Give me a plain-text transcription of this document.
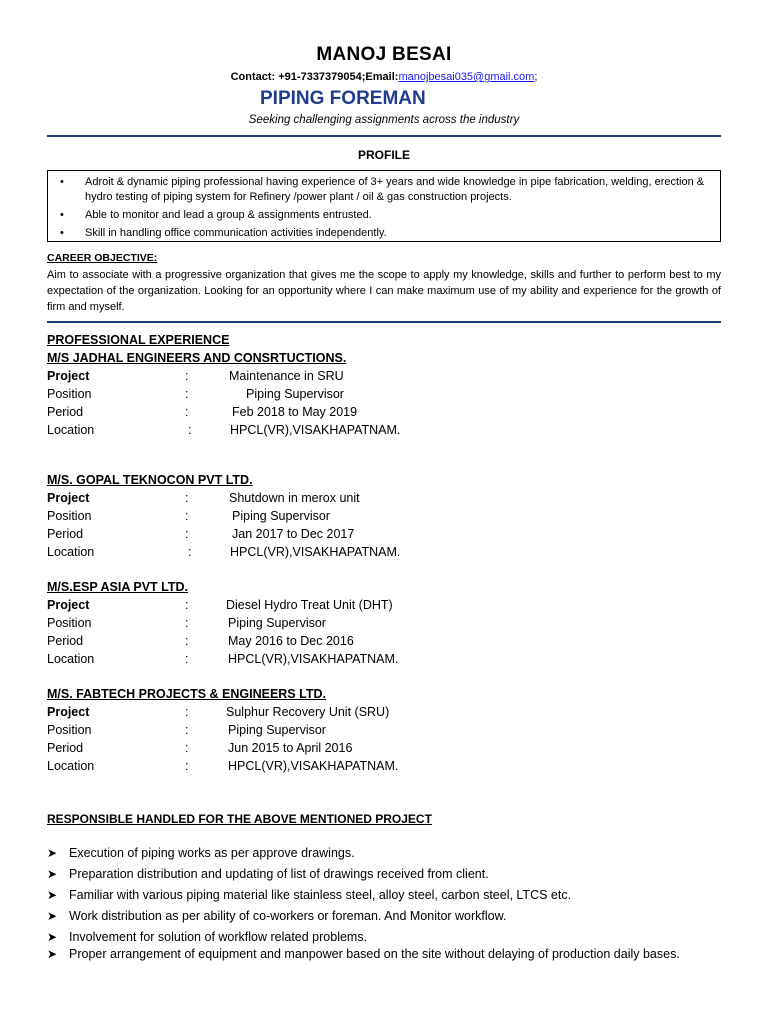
MANOJ BESAI
Contact: +91-7337379054;Email:manojbesai035@gmail.com;
PIPING FOREMAN
Seeking challenging assignments across the industry
PROFILE
• Adroit & dynamic piping professional having experience of 3+ years and wide knowledge in pipe fabrication, welding, erection & hydro testing of piping system for Refinery /power plant / oil & gas construction projects.
• Able to monitor and lead a group & assignments entrusted.
• Skill in handling office communication activities independently.
CAREER OBJECTIVE:
Aim to associate with a progressive organization that gives me the scope to apply my knowledge, skills and further to perform best to my expectation of the organization. Looking for an opportunity where I can make maximum use of my ability and experience for the growth of firm and myself.
PROFESSIONAL EXPERIENCE
M/S JADHAL ENGINEERS AND CONSRTUCTIONS.
Project	:	Maintenance in SRU
Position	:	Piping Supervisor
Period	:	Feb 2018 to May 2019
Location	:	HPCL(VR),VISAKHAPATNAM.
M/S. GOPAL TEKNOCON PVT LTD.
Project	:	Shutdown in merox unit
Position	:	Piping Supervisor
Period	:	Jan 2017 to Dec 2017
Location	:	HPCL(VR),VISAKHAPATNAM.
M/S.ESP ASIA PVT LTD.
Project	:	Diesel Hydro Treat Unit (DHT)
Position	:	Piping Supervisor
Period	:	May 2016 to Dec 2016
Location	:	HPCL(VR),VISAKHAPATNAM.
M/S. FABTECH PROJECTS & ENGINEERS LTD.
Project	:	Sulphur Recovery Unit (SRU)
Position	:	Piping Supervisor
Period	:	Jun 2015 to April 2016
Location	:	HPCL(VR),VISAKHAPATNAM.
RESPONSIBLE HANDLED FOR THE ABOVE MENTIONED PROJECT
➤ Execution of piping works as per approve drawings.
➤ Preparation distribution and updating of list of drawings received from client.
➤ Familiar with various piping material like stainless steel, alloy steel, carbon steel, LTCS etc.
➤ Work distribution as per ability of co-workers or foreman. And Monitor workflow.
➤ Involvement for solution of workflow related problems.
➤ Proper arrangement of equipment and manpower based on the site without delaying of production daily bases.
